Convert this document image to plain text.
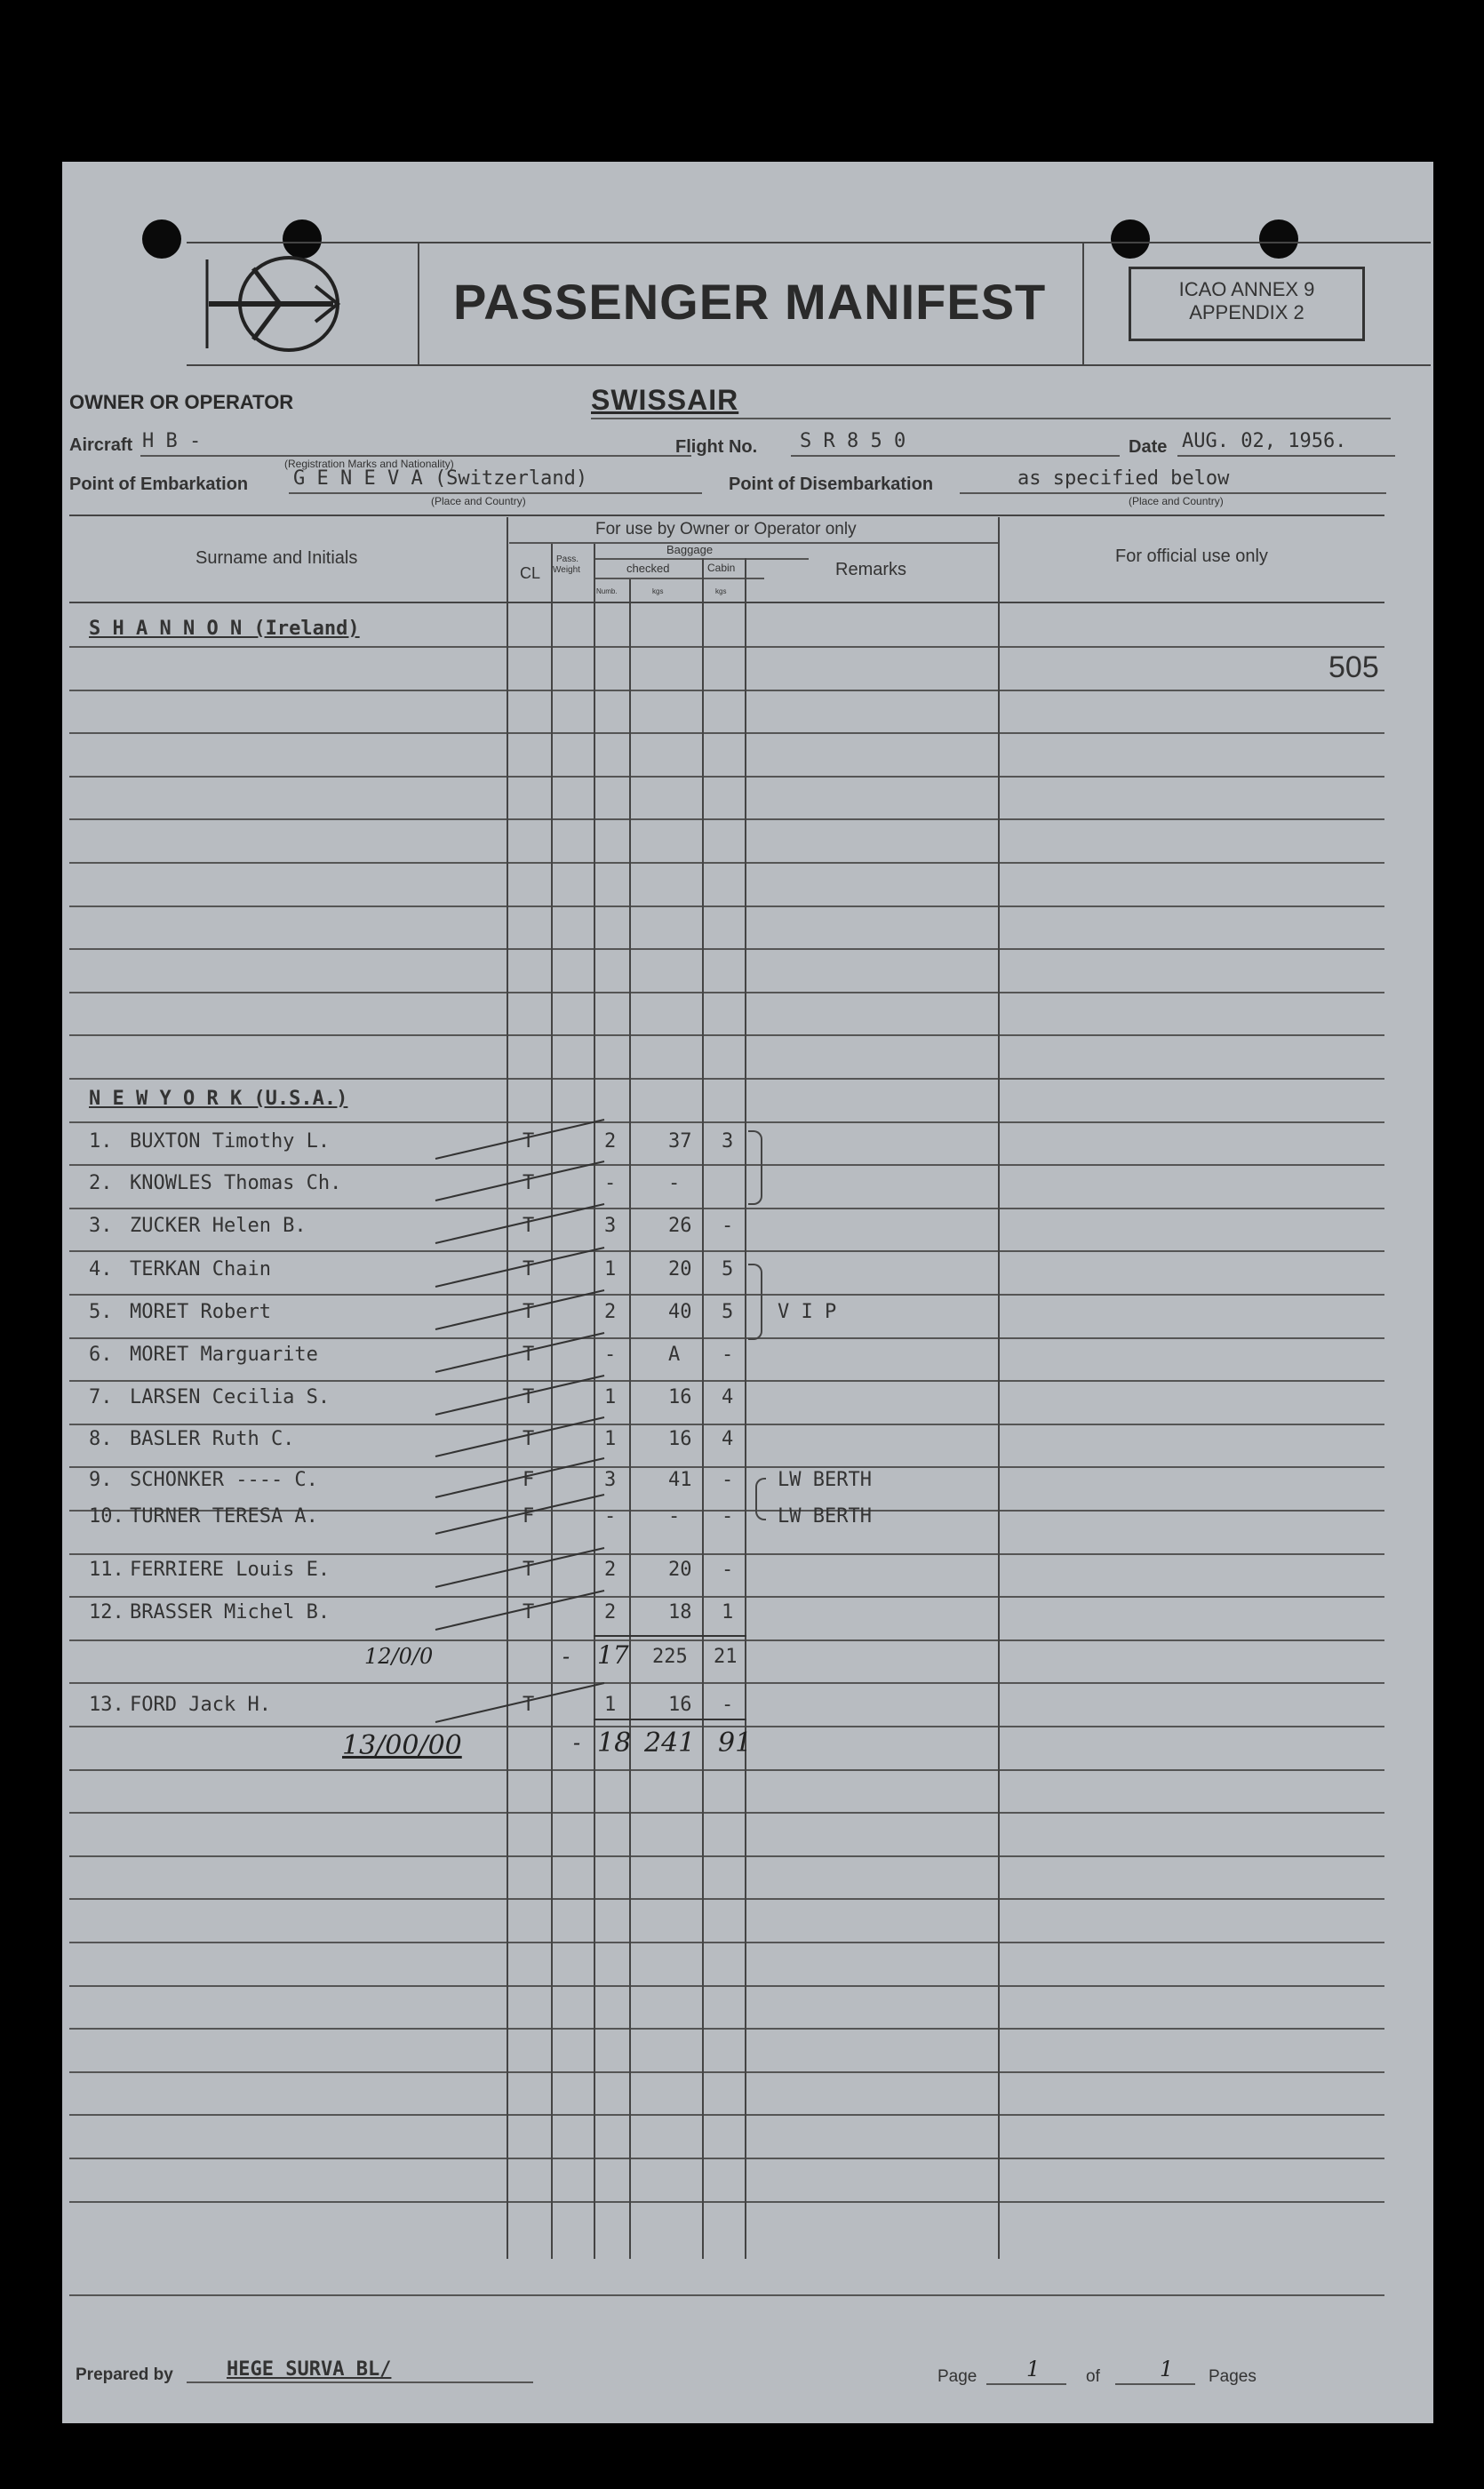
PASSENGER MANIFEST	ICAO ANNEX 9
APPENDIX 2
OWNER OR OPERATOR	SWISSAIR
Aircraft H B -
(Registration Marks and Nationality)
Flight No. S R 8 5 0	Date AUG. 02, 1956.
Point of Embarkation G E N E V A (Switzerland)
(Place and Country)
Point of Disembarkation	as specified below
(Place and Country)
Surname and Initials
For use by Owner or Operator only
CL
Pass.
Weight
Baggage
checked	Cabin
Numb.	kgs	kgs
Remarks
For official use only
S H A N N O N (Ireland)
505
N E W Y O R K (U.S.A.)
1. BUXTON Timothy L.	T	2	37 3
2. KNOWLES Thomas Ch.	T	-	-
3. ZUCKER Helen B.	T	3	26 -
4. TERKAN Chain	T	1	20 5
5. MORET Robert	T	2	40 5 V I P
6. MORET Marguarite	T	-	A -
7. LARSEN Cecilia S.	T	1	16 4
8. BASLER Ruth C.	T	1	16 4
9. SCHONKER ---- C.	F	3	41 - LW BERTH
10. TURNER TERESA A.	F	-	- - LW BERTH
11. FERRIERE Louis E.	T	2	20 -
12. BRASSER Michel B.	T	2	18 1
13. FORD Jack H.	T	1	16 -
12/0/0	- 17 225 21
13/00/00	- 18 241 91
Prepared by	HEGE SURVA BL/	Page 1	of	1 Pages
